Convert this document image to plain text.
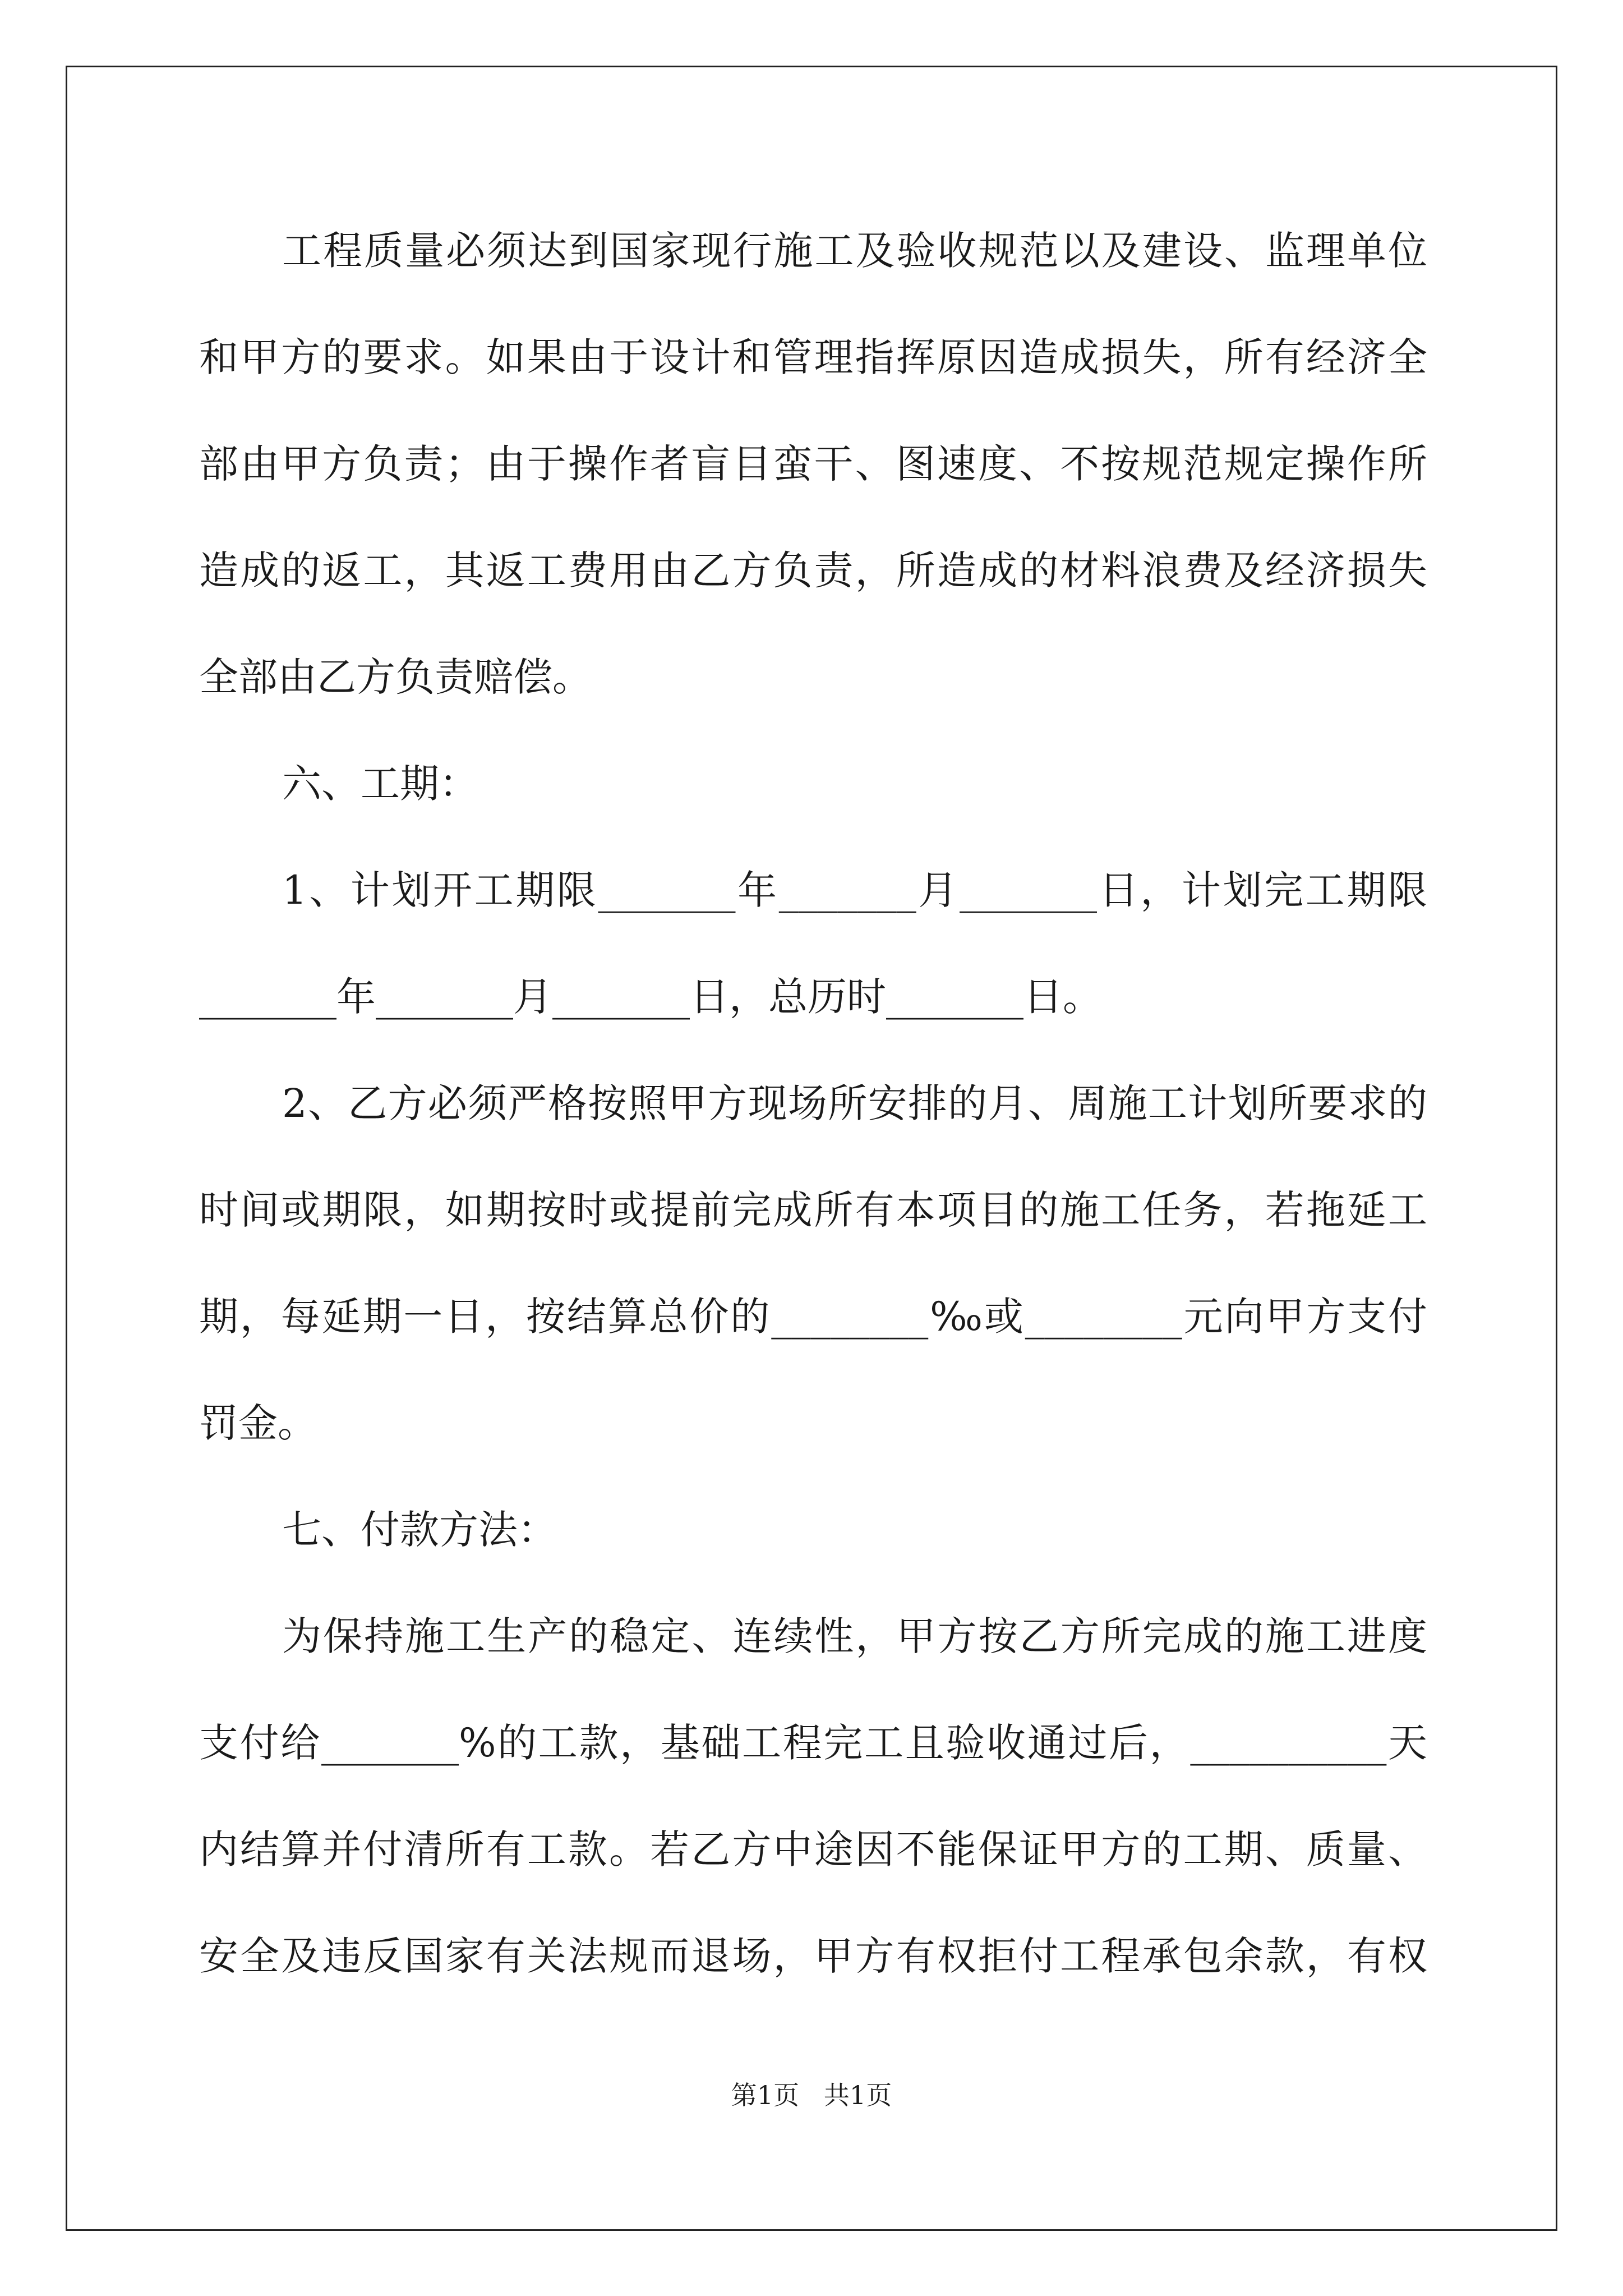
工程质量必须达到国家现行施工及验收规范以及建设、监理单位
和甲方的要求。如果由于设计和管理指挥原因造成损失，所有经济全
部由甲方负责；由于操作者盲目蛮干、图速度、不按规范规定操作所
造成的返工，其返工费用由乙方负责，所造成的材料浪费及经济损失
全部由乙方负责赔偿。
六、工期：
1、计划开工期限_______年_______月_______日，计划完工期限
_______年_______月_______日，总历时_______日。
2、乙方必须严格按照甲方现场所安排的月、周施工计划所要求的
时间或期限，如期按时或提前完成所有本项目的施工任务，若拖延工
期，每延期一日，按结算总价的________‰或________元向甲方支付
罚金。
七、付款方法：
为保持施工生产的稳定、连续性，甲方按乙方所完成的施工进度
支付给_______%的工款，基础工程完工且验收通过后，__________天
内结算并付清所有工款。若乙方中途因不能保证甲方的工期、质量、
安全及违反国家有关法规而退场，甲方有权拒付工程承包余款，有权
第1页   共1页
